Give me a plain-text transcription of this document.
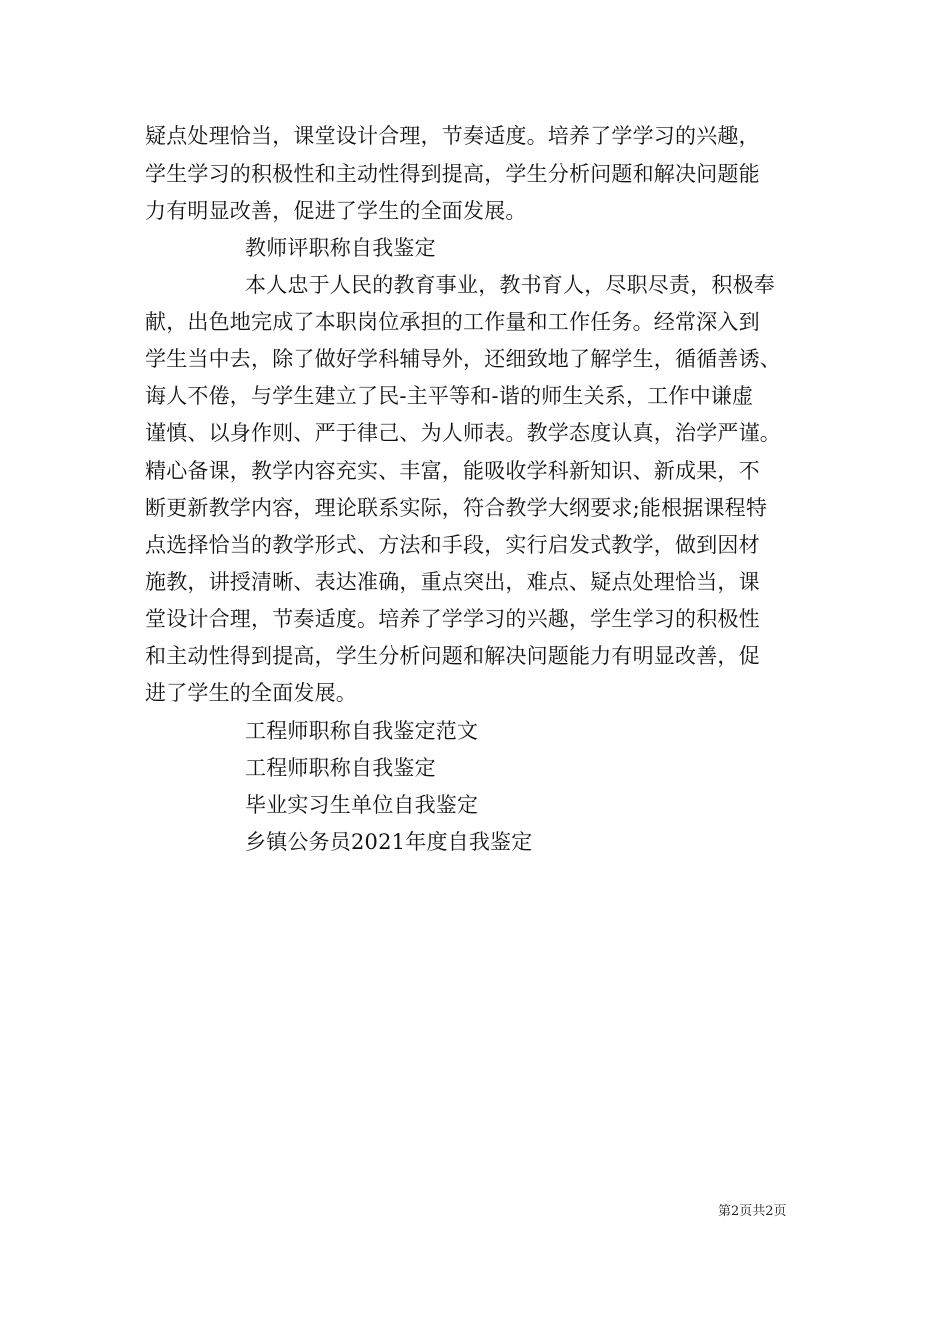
疑点处理恰当，课堂设计合理，节奏适度。培养了学学习的兴趣，
学生学习的积极性和主动性得到提高，学生分析问题和解决问题能
力有明显改善，促进了学生的全面发展。
教师评职称自我鉴定
本人忠于人民的教育事业，教书育人，尽职尽责，积极奉
献，出色地完成了本职岗位承担的工作量和工作任务。经常深入到
学生当中去，除了做好学科辅导外，还细致地了解学生，循循善诱、
诲人不倦，与学生建立了民-主平等和-谐的师生关系，工作中谦虚
谨慎、以身作则、严于律己、为人师表。教学态度认真，治学严谨。
精心备课，教学内容充实、丰富，能吸收学科新知识、新成果，不
断更新教学内容，理论联系实际，符合教学大纲要求;能根据课程特
点选择恰当的教学形式、方法和手段，实行启发式教学，做到因材
施教，讲授清晰、表达准确，重点突出，难点、疑点处理恰当，课
堂设计合理，节奏适度。培养了学学习的兴趣，学生学习的积极性
和主动性得到提高，学生分析问题和解决问题能力有明显改善，促
进了学生的全面发展。
工程师职称自我鉴定范文
工程师职称自我鉴定
毕业实习生单位自我鉴定
乡镇公务员2021年度自我鉴定
第2页共2页
